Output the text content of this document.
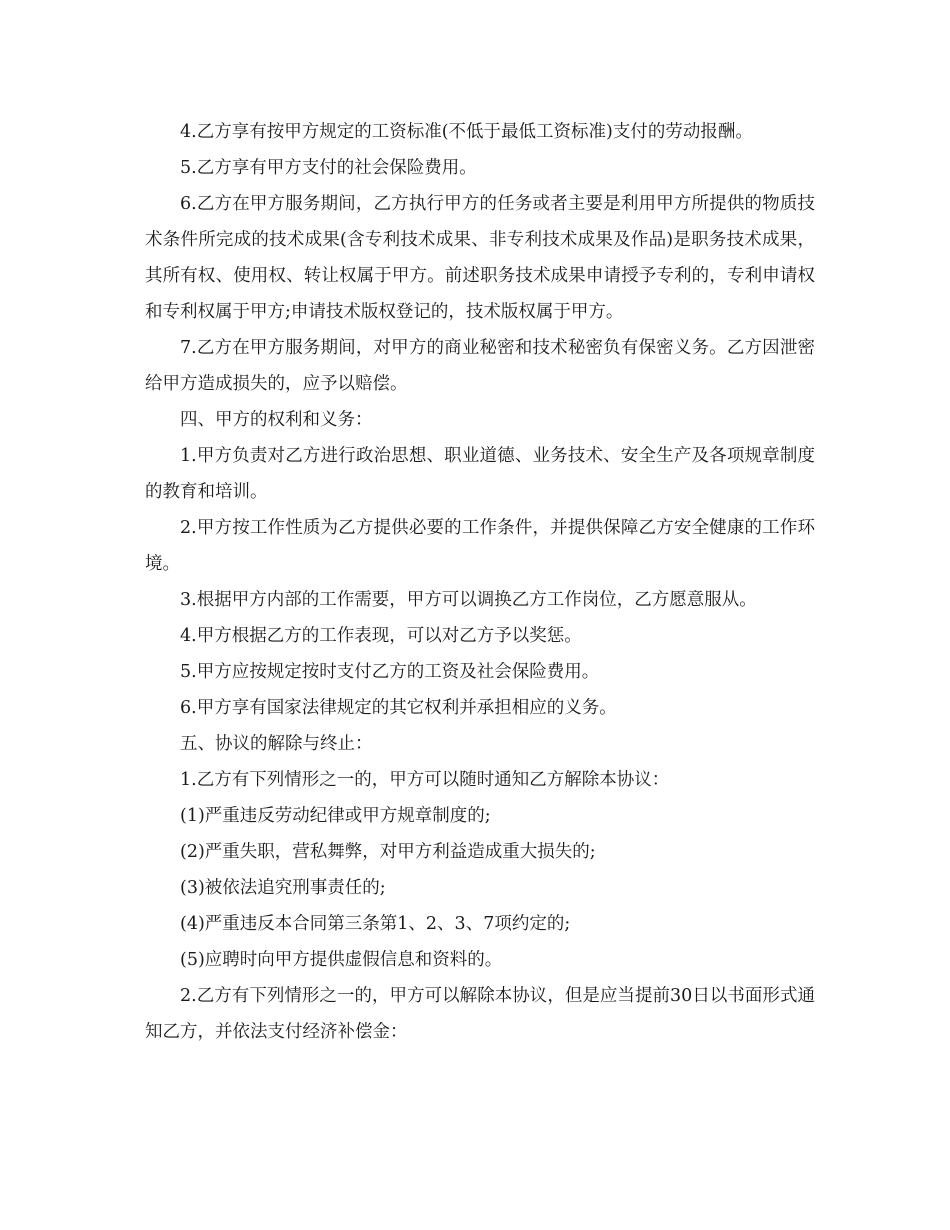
4.乙方享有按甲方规定的工资标准(不低于最低工资标准)支付的劳动报酬。

5.乙方享有甲方支付的社会保险费用。

6.乙方在甲方服务期间，乙方执行甲方的任务或者主要是利用甲方所提供的物质技术条件所完成的技术成果(含专利技术成果、非专利技术成果及作品)是职务技术成果，其所有权、使用权、转让权属于甲方。前述职务技术成果申请授予专利的，专利申请权和专利权属于甲方;申请技术版权登记的，技术版权属于甲方。

7.乙方在甲方服务期间，对甲方的商业秘密和技术秘密负有保密义务。乙方因泄密给甲方造成损失的，应予以赔偿。

四、甲方的权利和义务：

1.甲方负责对乙方进行政治思想、职业道德、业务技术、安全生产及各项规章制度的教育和培训。

2.甲方按工作性质为乙方提供必要的工作条件，并提供保障乙方安全健康的工作环境。

3.根据甲方内部的工作需要，甲方可以调换乙方工作岗位，乙方愿意服从。

4.甲方根据乙方的工作表现，可以对乙方予以奖惩。

5.甲方应按规定按时支付乙方的工资及社会保险费用。

6.甲方享有国家法律规定的其它权利并承担相应的义务。

五、协议的解除与终止：

1.乙方有下列情形之一的，甲方可以随时通知乙方解除本协议：

(1)严重违反劳动纪律或甲方规章制度的;

(2)严重失职，营私舞弊，对甲方利益造成重大损失的;

(3)被依法追究刑事责任的;

(4)严重违反本合同第三条第1、2、3、7项约定的;

(5)应聘时向甲方提供虚假信息和资料的。

2.乙方有下列情形之一的，甲方可以解除本协议，但是应当提前30日以书面形式通知乙方，并依法支付经济补偿金：
